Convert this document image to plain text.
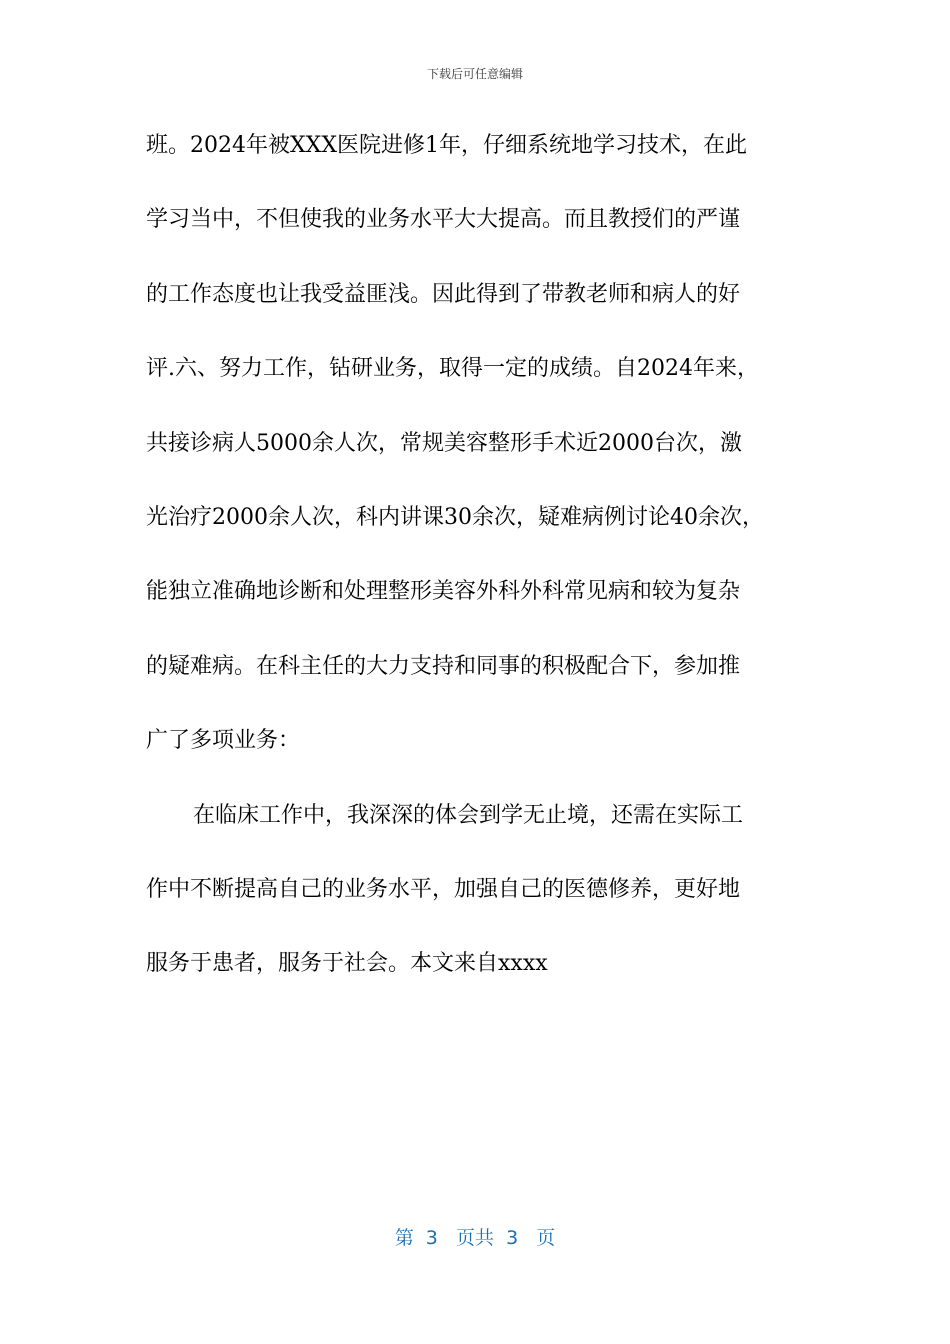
下载后可任意编辑
班。2024年被XXX医院进修1年，仔细系统地学习技术，在此
学习当中，不但使我的业务水平大大提高。而且教授们的严谨
的工作态度也让我受益匪浅。因此得到了带教老师和病人的好
评.六、努力工作，钻研业务，取得一定的成绩。自2024年来，
共接诊病人5000余人次，常规美容整形手术近2000台次，激
光治疗2000余人次，科内讲课30余次，疑难病例讨论40余次，
能独立准确地诊断和处理整形美容外科外科常见病和较为复杂
的疑难病。在科主任的大力支持和同事的积极配合下，参加推
广了多项业务：
在临床工作中，我深深的体会到学无止境，还需在实际工
作中不断提高自己的业务水平，加强自己的医德修养，更好地
服务于患者，服务于社会。本文来自xxxx
第  3   页共  3   页
